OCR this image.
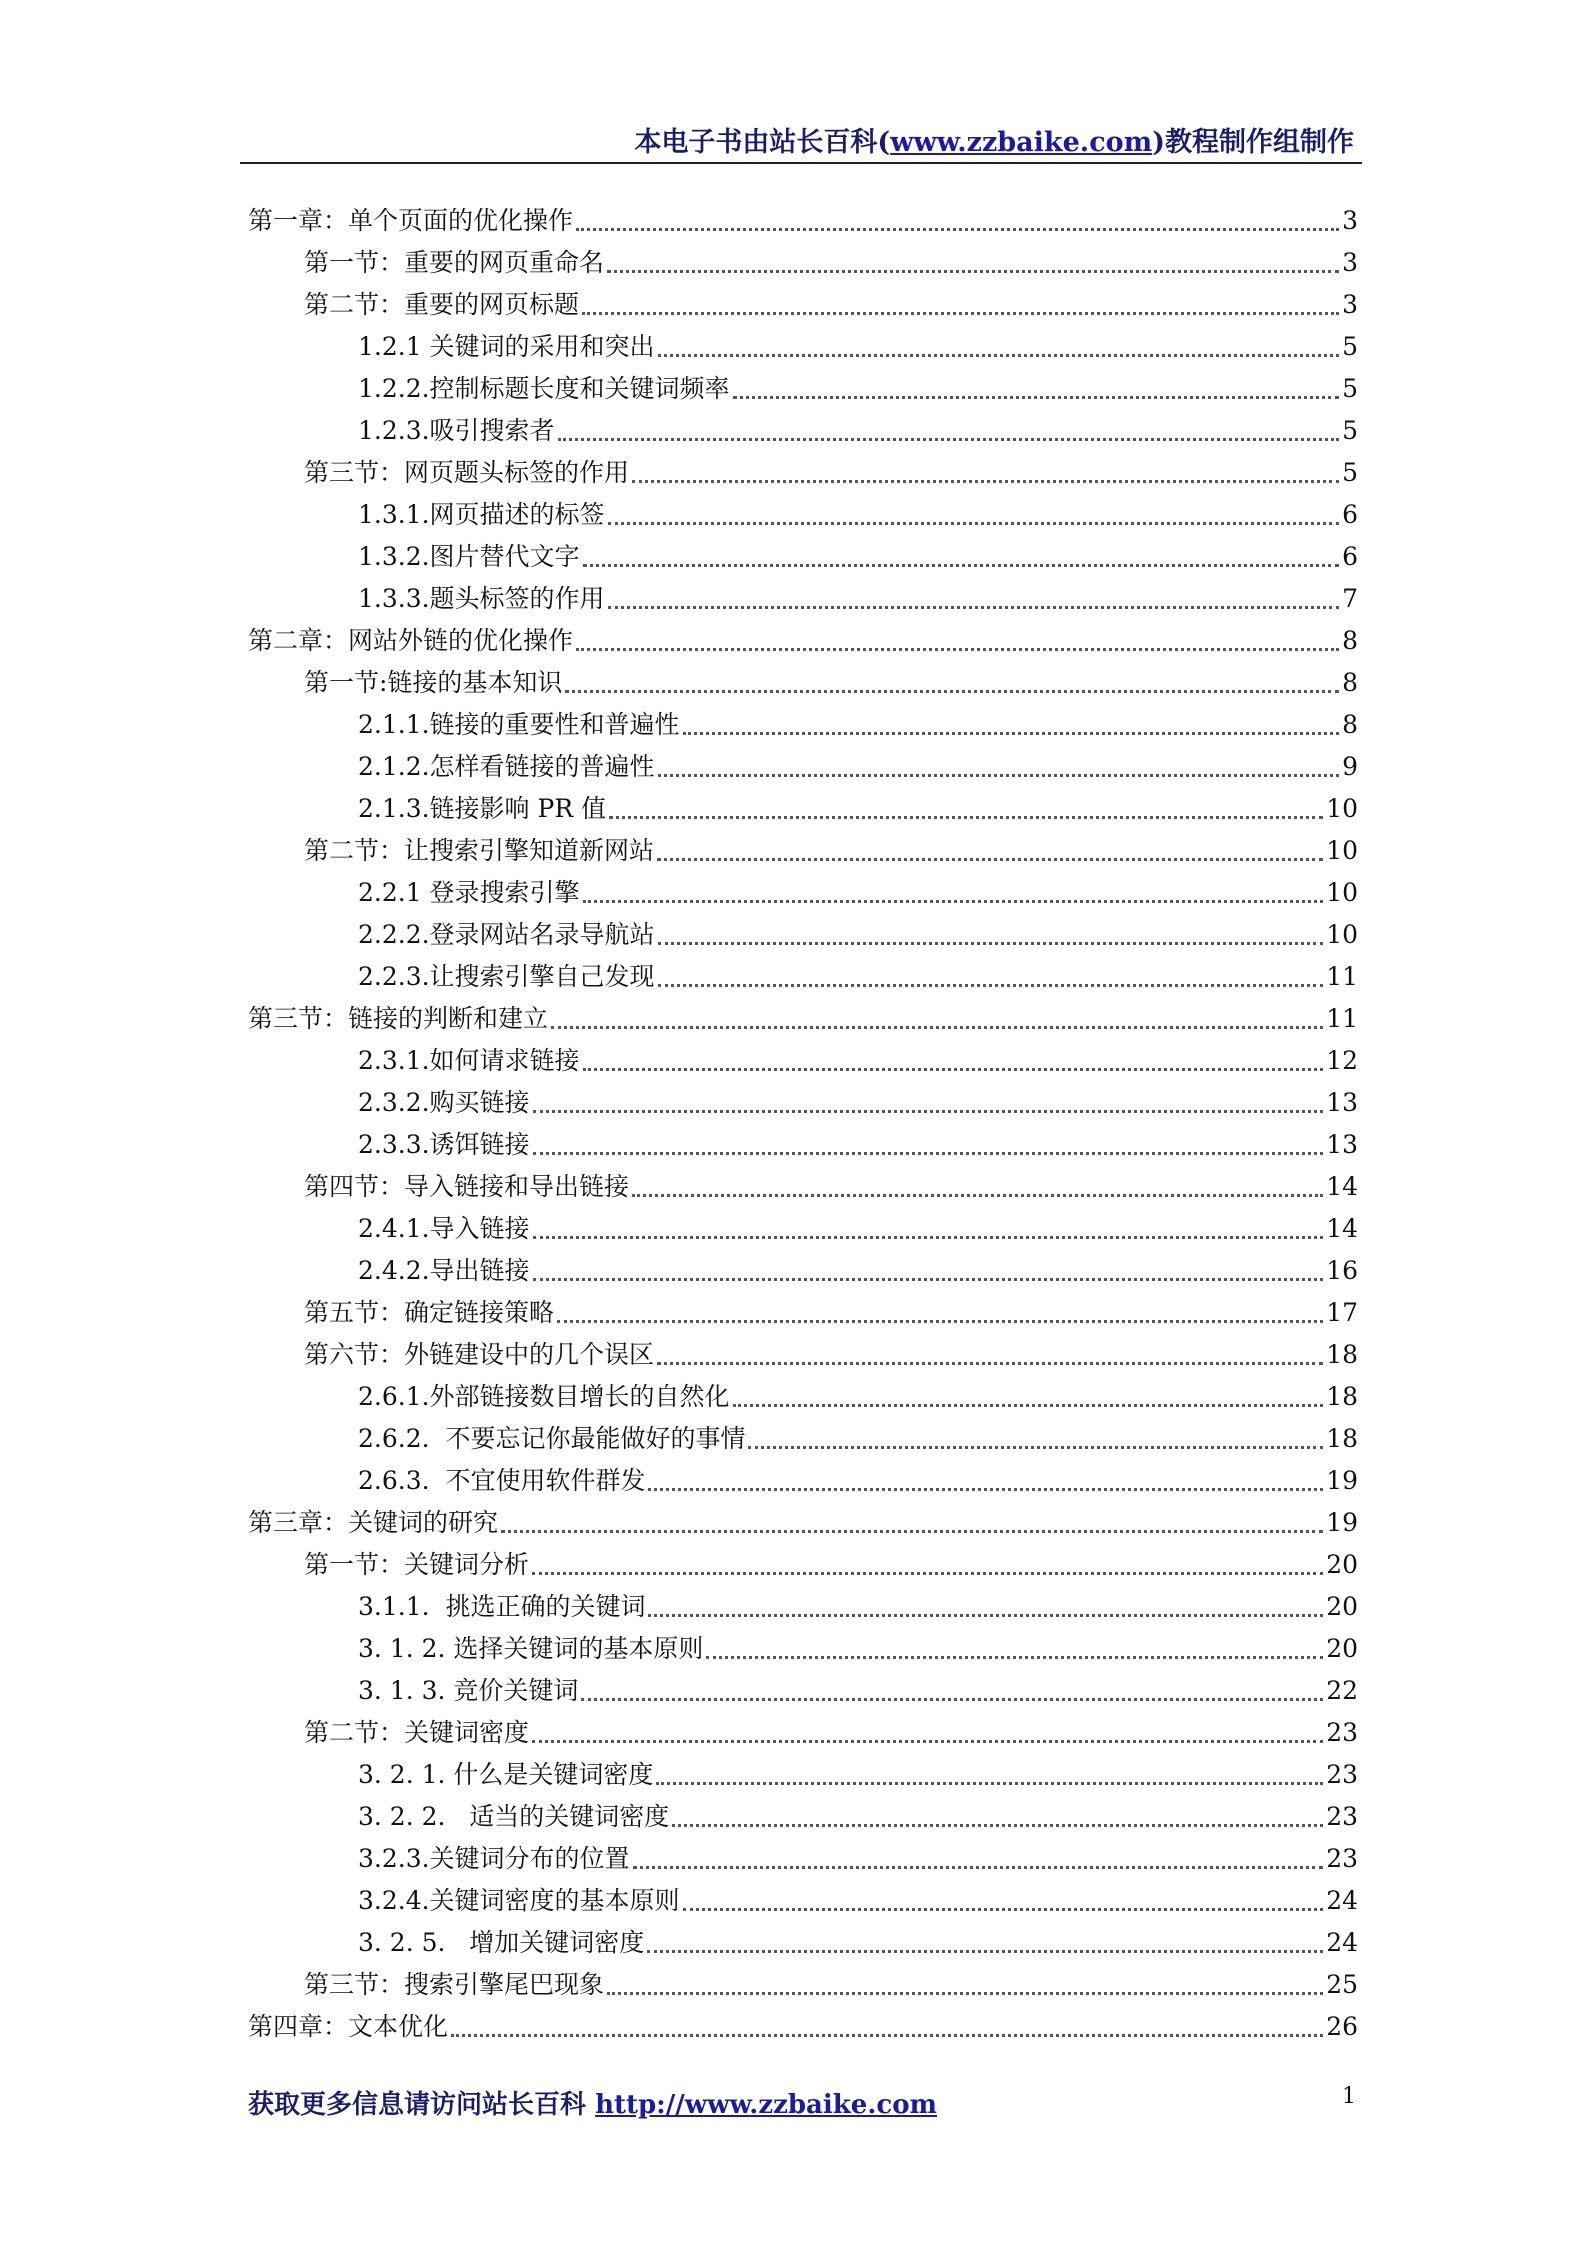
本电子书由站长百科(www.zzbaike.com)教程制作组制作
第一章：单个页面的优化操作	3
第一节：重要的网页重命名	3
第二节：重要的网页标题	3
1.2.1 关键词的采用和突出	5
1.2.2.控制标题长度和关键词频率	5
1.2.3.吸引搜索者	5
第三节：网页题头标签的作用	5
1.3.1.网页描述的标签	6
1.3.2.图片替代文字	6
1.3.3.题头标签的作用	7
第二章：网站外链的优化操作	8
第一节:链接的基本知识	8
2.1.1.链接的重要性和普遍性	8
2.1.2.怎样看链接的普遍性	9
2.1.3.链接影响 PR 值	10
第二节：让搜索引擎知道新网站	10
2.2.1 登录搜索引擎	10
2.2.2.登录网站名录导航站	10
2.2.3.让搜索引擎自己发现	11
第三节：链接的判断和建立	11
2.3.1.如何请求链接	12
2.3.2.购买链接	13
2.3.3.诱饵链接	13
第四节：导入链接和导出链接	14
2.4.1.导入链接	14
2.4.2.导出链接	16
第五节：确定链接策略	17
第六节：外链建设中的几个误区	18
2.6.1.外部链接数目增长的自然化	18
2.6.2.  不要忘记你最能做好的事情	18
2.6.3.  不宜使用软件群发	19
第三章：关键词的研究	19
第一节：关键词分析	20
3.1.1.  挑选正确的关键词	20
3. 1. 2. 选择关键词的基本原则	20
3. 1. 3. 竞价关键词	22
第二节：关键词密度	23
3. 2. 1. 什么是关键词密度	23
3. 2. 2.   适当的关键词密度	23
3.2.3.关键词分布的位置	23
3.2.4.关键词密度的基本原则	24
3. 2. 5.   增加关键词密度	24
第三节：搜索引擎尾巴现象	25
第四章：文本优化	26
获取更多信息请访问站长百科 http://www.zzbaike.com	1
